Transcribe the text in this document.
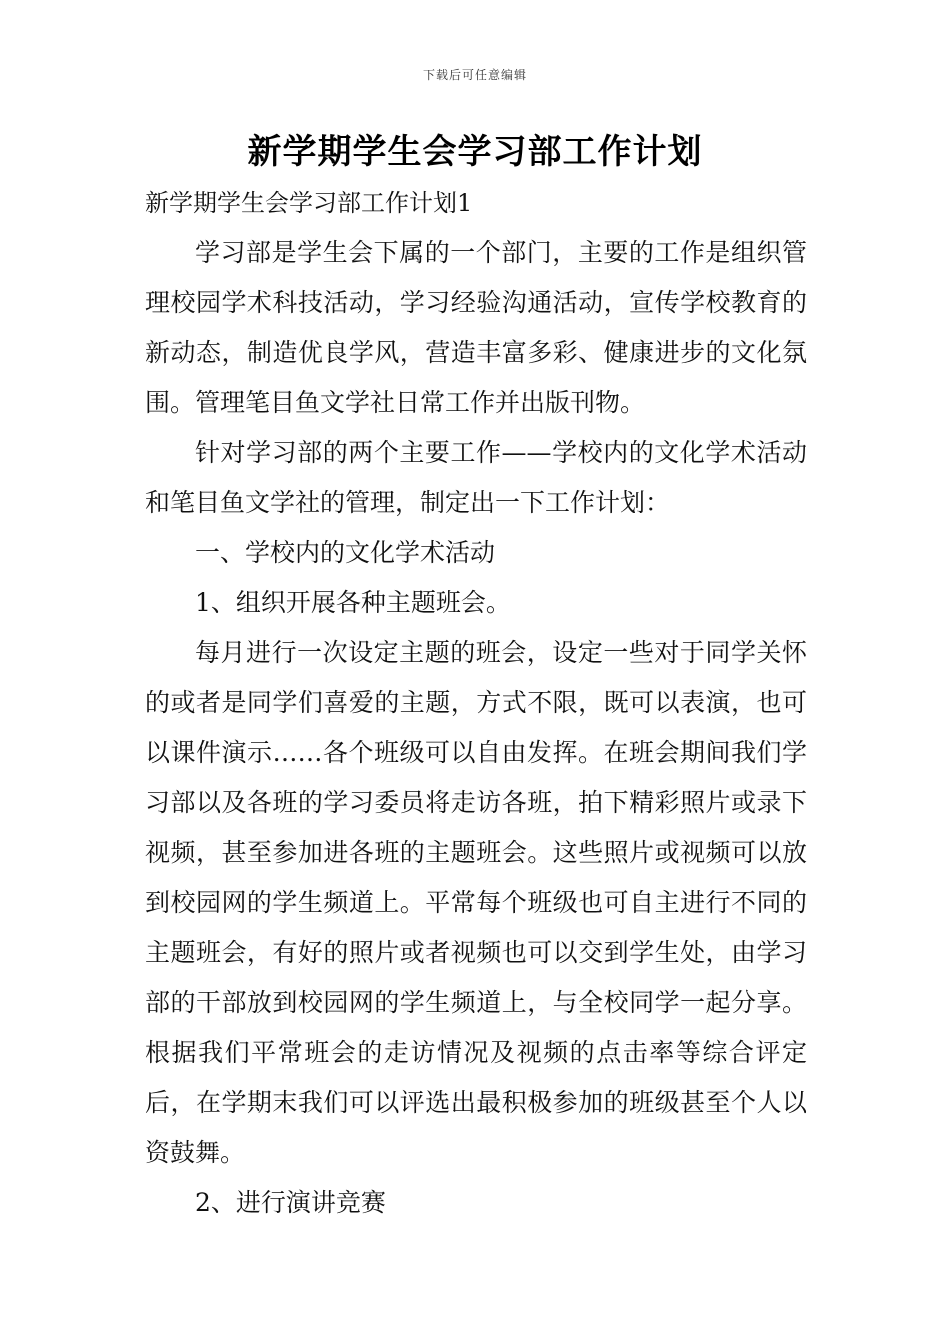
下载后可任意编辑
新学期学生会学习部工作计划

新学期学生会学习部工作计划1

学习部是学生会下属的一个部门，主要的工作是组织管理校园学术科技活动，学习经验沟通活动，宣传学校教育的新动态，制造优良学风，营造丰富多彩、健康进步的文化氛围。管理笔目鱼文学社日常工作并出版刊物。

针对学习部的两个主要工作——学校内的文化学术活动和笔目鱼文学社的管理，制定出一下工作计划：

一、学校内的文化学术活动

1、组织开展各种主题班会。

每月进行一次设定主题的班会，设定一些对于同学关怀的或者是同学们喜爱的主题，方式不限，既可以表演，也可以课件演示……各个班级可以自由发挥。在班会期间我们学习部以及各班的学习委员将走访各班，拍下精彩照片或录下视频，甚至参加进各班的主题班会。这些照片或视频可以放到校园网的学生频道上。平常每个班级也可自主进行不同的主题班会，有好的照片或者视频也可以交到学生处，由学习部的干部放到校园网的学生频道上，与全校同学一起分享。根据我们平常班会的走访情况及视频的点击率等综合评定后，在学期末我们可以评选出最积极参加的班级甚至个人以资鼓舞。

2、进行演讲竞赛
